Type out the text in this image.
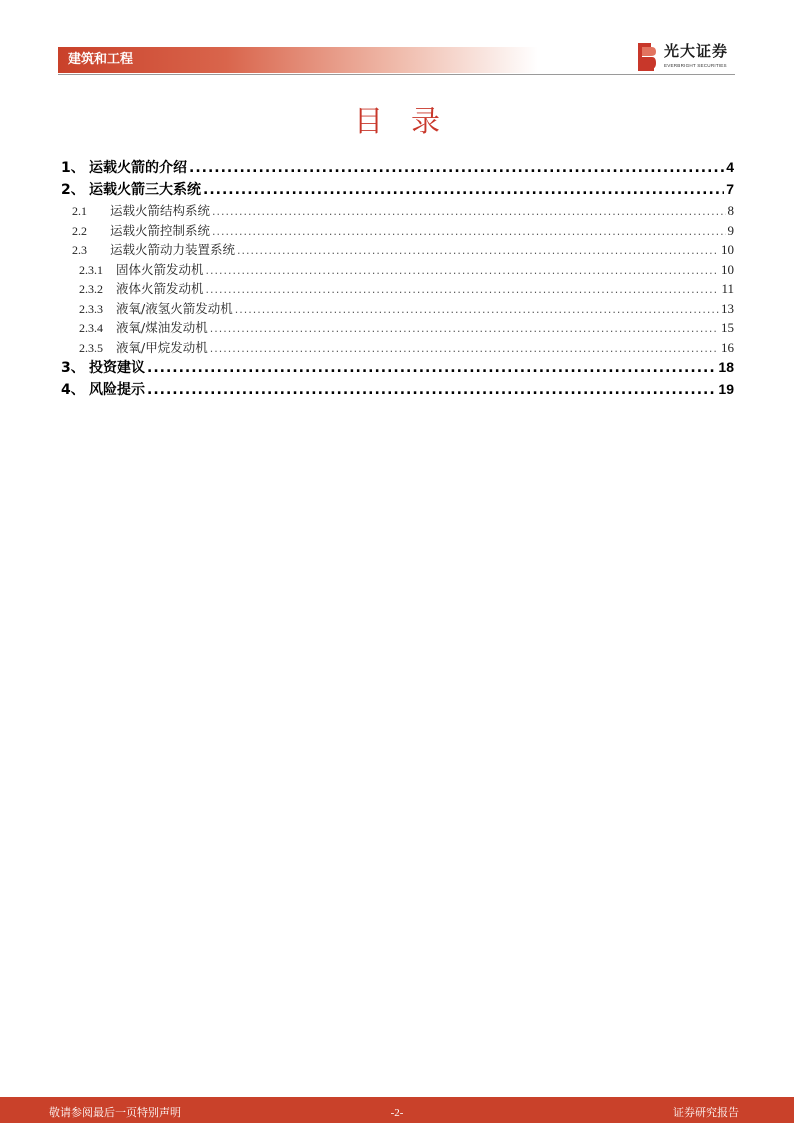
建筑和工程	光大证券
EVERBRIGHT SECURITIES
目录
1、 运载火箭的介绍 .....	4
2、 运载火箭三大系统 .....	7
2.1	运载火箭结构系统 .....	8
2.2	运载火箭控制系统 .....	9
2.3	运载火箭动力装置系统 .....	10
2.3.1	固体火箭发动机 .....	10
2.3.2	液体火箭发动机 .....	11
2.3.3	液氧/液氢火箭发动机 .....	13
2.3.4	液氧/煤油发动机 .....	15
2.3.5	液氧/甲烷发动机 .....	16
3、 投资建议 .....	18
4、 风险提示 .....	19
敬请参阅最后一页特别声明	-2-	证券研究报告
